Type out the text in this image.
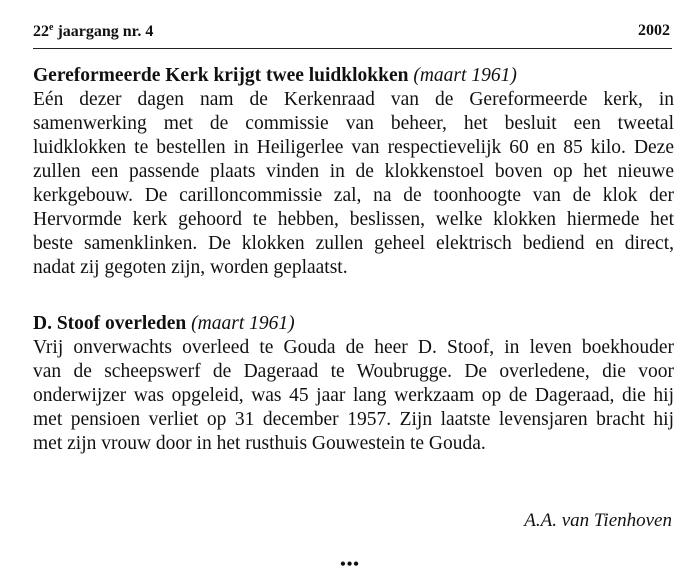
22e jaargang nr. 4	2002
Gereformeerde Kerk krijgt twee luidklokken (maart 1961)

Eén dezer dagen nam de Kerkenraad van de Gereformeerde kerk, in
samenwerking met de commissie van beheer, het besluit een tweetal
luidklokken te bestellen in Heiligerlee van respectievelijk 60 en 85 kilo. Deze
zullen een passende plaats vinden in de klokkenstoel boven op het nieuwe
kerkgebouw. De carilloncommissie zal, na de toonhoogte van de klok der
Hervormde kerk gehoord te hebben, beslissen, welke klokken hiermede het
beste samenklinken. De klokken zullen geheel elektrisch bediend en direct,
nadat zij gegoten zijn, worden geplaatst.

D. Stoof overleden (maart 1961)

Vrij onverwachts overleed te Gouda de heer D. Stoof, in leven boekhouder
van de scheepswerf de Dageraad te Woubrugge. De overledene, die voor
onderwijzer was opgeleid, was 45 jaar lang werkzaam op de Dageraad, die hij
met pensioen verliet op 31 december 1957. Zijn laatste levensjaren bracht hij
met zijn vrouw door in het rusthuis Gouwestein te Gouda.

A.A. van Tienhoven
•••
